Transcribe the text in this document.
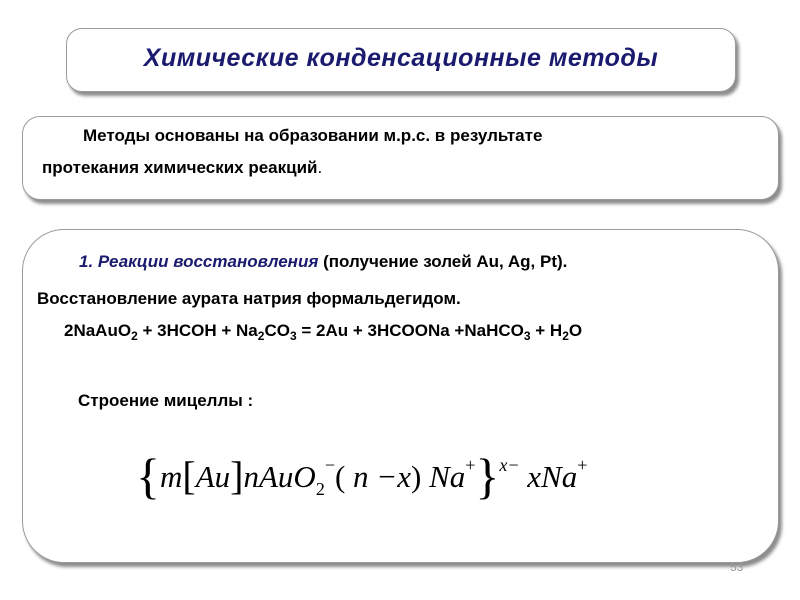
Химические конденсационные методы
Методы основаны на образовании м.р.с. в результате
протекания химических реакций.
1. Реакции восстановления (получение золей Au, Ag, Pt).
Восстановление аурата натрия формальдегидом.
2NaAuO$_2$ + 3HCOH + $Na_2CO_3 = 2Au$ + 3HCOONa +NaHCO$_3$ + $H_2O$
Строение мицеллы :
{m[Au]nAuO$_2$−( n −x) Na+}$^{x-}$ xNa+
53
